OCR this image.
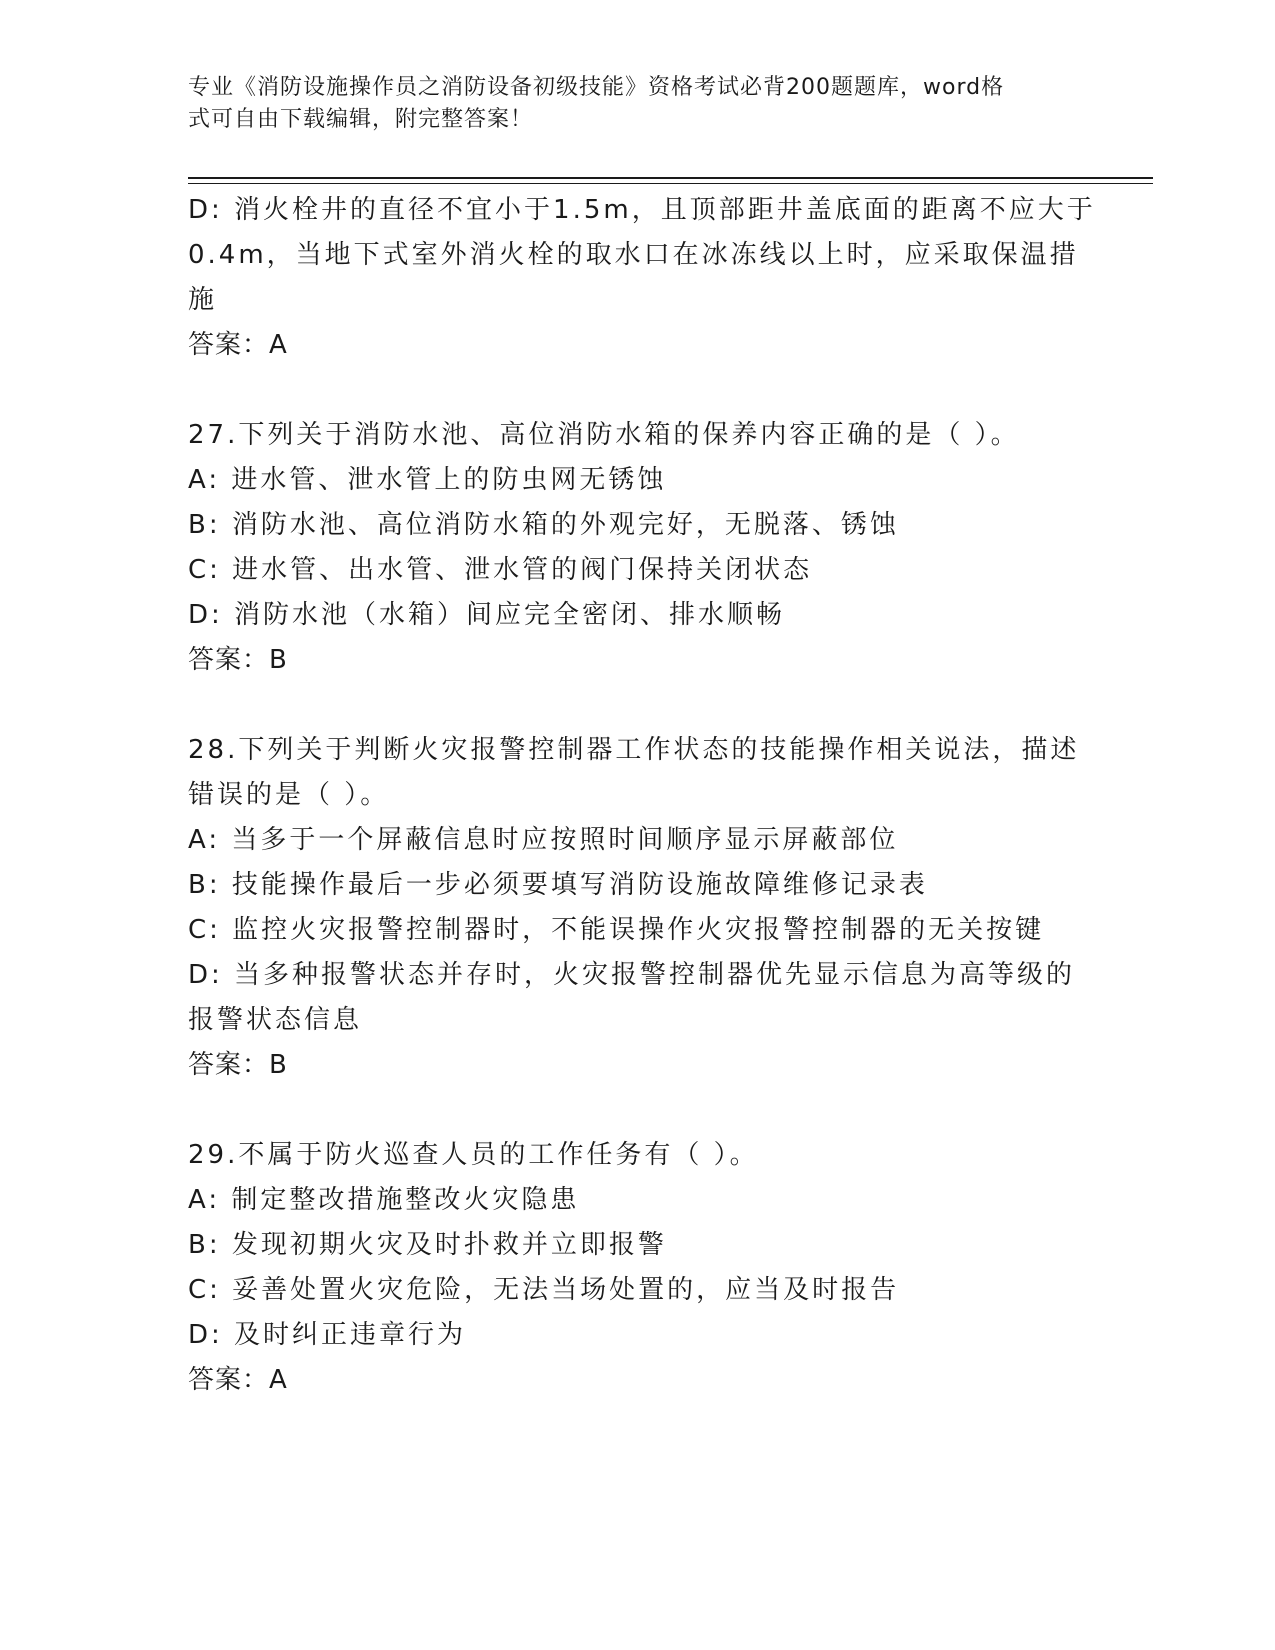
专业《消防设施操作员之消防设备初级技能》资格考试必背200题题库，word格
式可自由下载编辑，附完整答案！
D: 消火栓井的直径不宜小于1.5m，且顶部距井盖底面的距离不应大于
0.4m，当地下式室外消火栓的取水口在冰冻线以上时，应采取保温措
施
答案：A
27.下列关于消防水池、高位消防水箱的保养内容正确的是（ ）。
A: 进水管、泄水管上的防虫网无锈蚀
B: 消防水池、高位消防水箱的外观完好，无脱落、锈蚀
C: 进水管、出水管、泄水管的阀门保持关闭状态
D: 消防水池（水箱）间应完全密闭、排水顺畅
答案：B
28.下列关于判断火灾报警控制器工作状态的技能操作相关说法，描述
错误的是（ ）。
A: 当多于一个屏蔽信息时应按照时间顺序显示屏蔽部位
B: 技能操作最后一步必须要填写消防设施故障维修记录表
C: 监控火灾报警控制器时，不能误操作火灾报警控制器的无关按键
D: 当多种报警状态并存时，火灾报警控制器优先显示信息为高等级的
报警状态信息
答案：B
29.不属于防火巡查人员的工作任务有（ ）。
A: 制定整改措施整改火灾隐患
B: 发现初期火灾及时扑救并立即报警
C: 妥善处置火灾危险，无法当场处置的，应当及时报告
D: 及时纠正违章行为
答案：A
